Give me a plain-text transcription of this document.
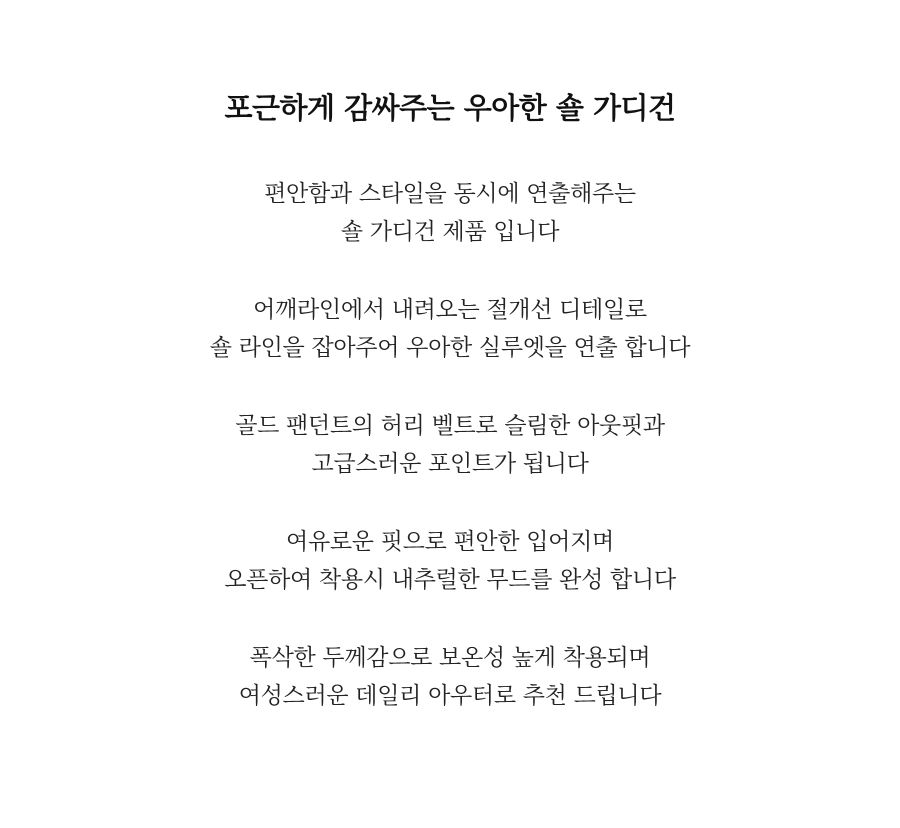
포근하게 감싸주는 우아한 숄 가디건

편안함과 스타일을 동시에 연출해주는
숄 가디건 제품 입니다

어깨라인에서 내려오는 절개선 디테일로
숄 라인을 잡아주어 우아한 실루엣을 연출 합니다

골드 팬던트의 허리 벨트로 슬림한 아웃핏과
고급스러운 포인트가 됩니다

여유로운 핏으로 편안한 입어지며
오픈하여 착용시 내추럴한 무드를 완성 합니다

폭삭한 두께감으로 보온성 높게 착용되며
여성스러운 데일리 아우터로 추천 드립니다
